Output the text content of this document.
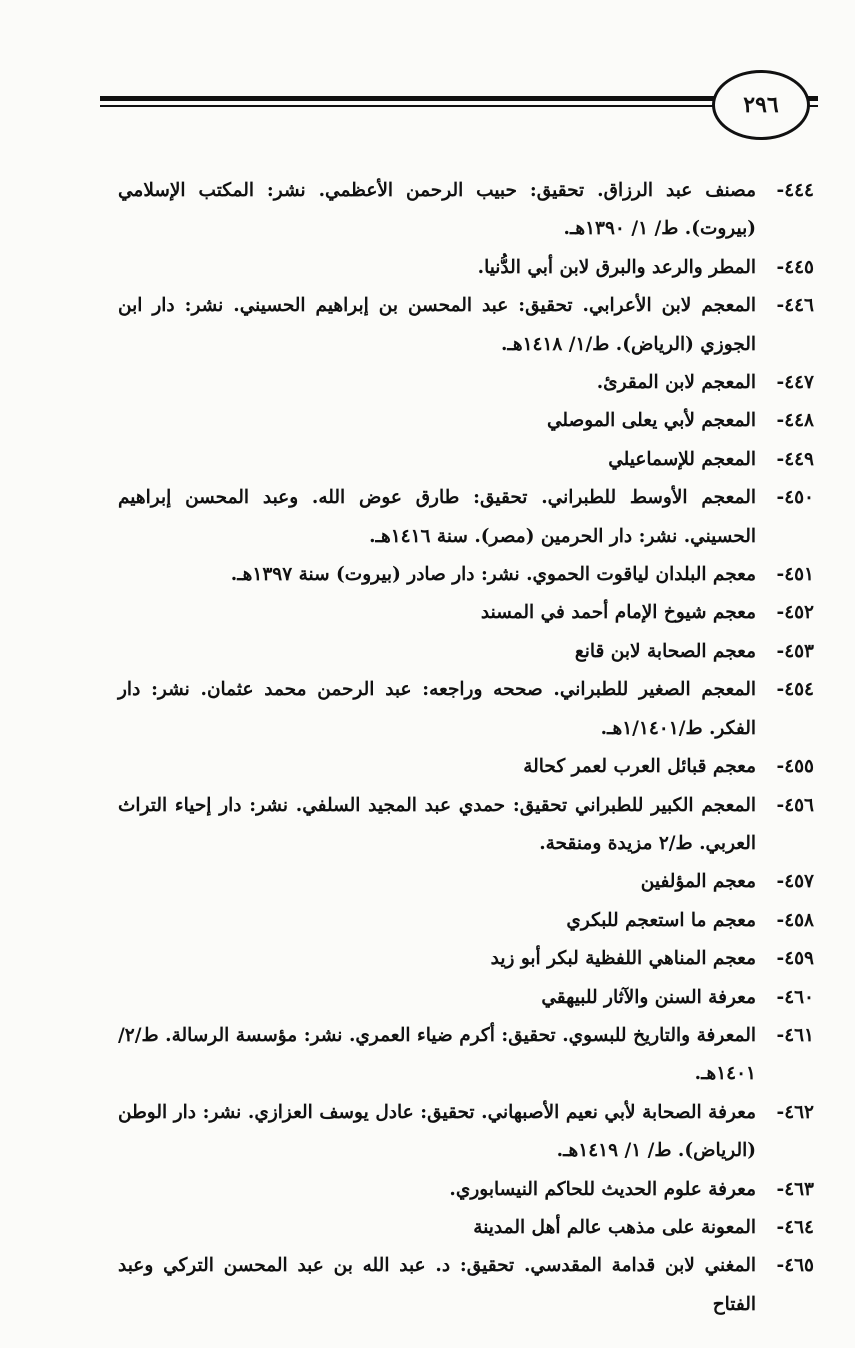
٢٩٦
٤٤٤-
مصنف عبد الرزاق. تحقيق: حبيب الرحمن الأعظمي. نشر: المكتب الإسلامي (بيروت). ط/ ١/ ١٣٩٠هـ.
٤٤٥-
المطر والرعد والبرق لابن أبي الدُّنيا.
٤٤٦-
المعجم لابن الأعرابي. تحقيق: عبد المحسن بن إبراهيم الحسيني. نشر: دار ابن الجوزي (الرياض). ط/١/ ١٤١٨هـ.
٤٤٧-
المعجم لابن المقرئ.
٤٤٨-
المعجم لأبي يعلى الموصلي
٤٤٩-
المعجم للإسماعيلي
٤٥٠-
المعجم الأوسط للطبراني. تحقيق: طارق عوض الله. وعبد المحسن إبراهيم الحسيني. نشر: دار الحرمين (مصر). سنة ١٤١٦هـ.
٤٥١-
معجم البلدان لياقوت الحموي. نشر: دار صادر (بيروت) سنة ١٣٩٧هـ.
٤٥٢-
معجم شيوخ الإمام أحمد في المسند
٤٥٣-
معجم الصحابة لابن قانع
٤٥٤-
المعجم الصغير للطبراني. صححه وراجعه: عبد الرحمن محمد عثمان. نشر: دار الفكر. ط/١/١٤٠١هـ.
٤٥٥-
معجم قبائل العرب لعمر كحالة
٤٥٦-
المعجم الكبير للطبراني تحقيق: حمدي عبد المجيد السلفي. نشر: دار إحياء التراث العربي. ط/٢ مزيدة ومنقحة.
٤٥٧-
معجم المؤلفين
٤٥٨-
معجم ما استعجم للبكري
٤٥٩-
معجم المناهي اللفظية لبكر أبو زيد
٤٦٠-
معرفة السنن والآثار للبيهقي
٤٦١-
المعرفة والتاريخ للبسوي. تحقيق: أكرم ضياء العمري. نشر: مؤسسة الرسالة. ط/٢/ ١٤٠١هـ.
٤٦٢-
معرفة الصحابة لأبي نعيم الأصبهاني. تحقيق: عادل يوسف العزازي. نشر: دار الوطن (الرياض). ط/ ١/ ١٤١٩هـ.
٤٦٣-
معرفة علوم الحديث للحاكم النيسابوري.
٤٦٤-
المعونة على مذهب عالم أهل المدينة
٤٦٥-
المغني لابن قدامة المقدسي. تحقيق: د. عبد الله بن عبد المحسن التركي وعبد الفتاح
